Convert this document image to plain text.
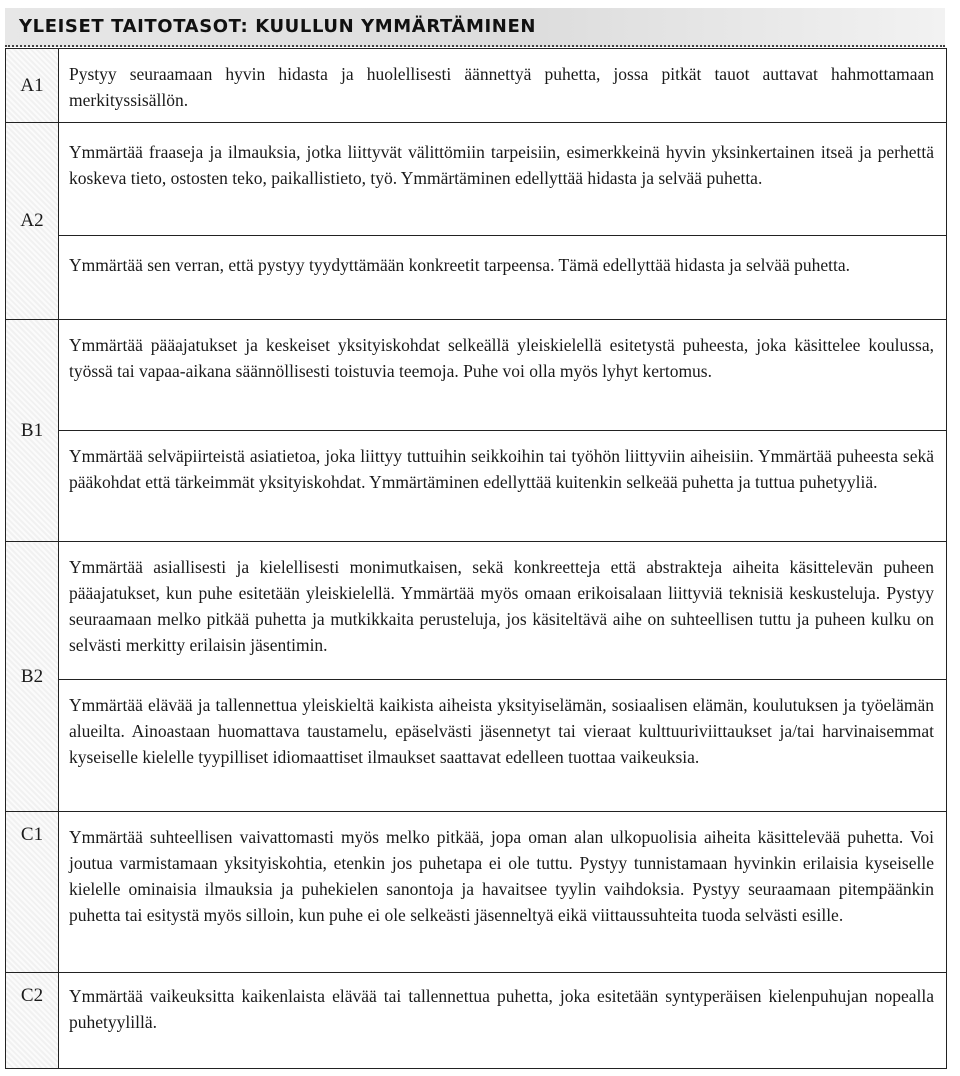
YLEISET TAITOTASOT: KUULLUN YMMÄRTÄMINEN
A1	Pystyy seuraamaan hyvin hidasta ja huolellisesti äännettyä puhetta, jossa pitkät tauot auttavat hahmottamaan merkityssisällön.

A2	Ymmärtää fraaseja ja ilmauksia, jotka liittyvät välittömiin tarpeisiin, esimerkkeinä hyvin yksinkertainen itseä ja perhettä koskeva tieto, ostosten teko, paikallistieto, työ. Ymmärtäminen edellyttää hidasta ja selvää puhetta.

	Ymmärtää sen verran, että pystyy tyydyttämään konkreetit tarpeensa. Tämä edellyttää hidasta ja selvää puhetta.

B1	Ymmärtää pääajatukset ja keskeiset yksityiskohdat selkeällä yleiskielellä esitetystä puheesta, joka käsittelee koulussa, työssä tai vapaa-aikana säännöllisesti toistuvia teemoja. Puhe voi olla myös lyhyt kertomus.

	Ymmärtää selväpiirteistä asiatietoa, joka liittyy tuttuihin seikkoihin tai työhön liittyviin aiheisiin. Ymmärtää puheesta sekä pääkohdat että tärkeimmät yksityiskohdat. Ymmärtäminen edellyttää kuitenkin selkeää puhetta ja tuttua puhetyyliä.

B2	Ymmärtää asiallisesti ja kielellisesti monimutkaisen, sekä konkreetteja että abstrakteja aiheita käsittelevän puheen pääajatukset, kun puhe esitetään yleiskielellä. Ymmärtää myös omaan erikoisalaan liittyviä teknisiä keskusteluja. Pystyy seuraamaan melko pitkää puhetta ja mutkikkaita perusteluja, jos käsiteltävä aihe on suhteellisen tuttu ja puheen kulku on selvästi merkitty erilaisin jäsentimin.

	Ymmärtää elävää ja tallennettua yleiskieltä kaikista aiheista yksityiselämän, sosiaalisen elämän, koulutuksen ja työelämän alueilta. Ainoastaan huomattava taustamelu, epäselvästi jäsennetyt tai vieraat kulttuuriviittaukset ja/tai harvinaisemmat kyseiselle kielelle tyypilliset idiomaattiset ilmaukset saattavat edelleen tuottaa vaikeuksia.

C1	Ymmärtää suhteellisen vaivattomasti myös melko pitkää, jopa oman alan ulkopuolisia aiheita käsittelevää puhetta. Voi joutua varmistamaan yksityiskohtia, etenkin jos puhetapa ei ole tuttu. Pystyy tunnistamaan hyvinkin erilaisia kyseiselle kielelle ominaisia ilmauksia ja puhekielen sanontoja ja havaitsee tyylin vaihdoksia. Pystyy seuraamaan pitempäänkin puhetta tai esitystä myös silloin, kun puhe ei ole selkeästi jäsenneltyä eikä viittaussuhteita tuoda selvästi esille.

C2	Ymmärtää vaikeuksitta kaikenlaista elävää tai tallennettua puhetta, joka esitetään syntyperäisen kielenpuhujan nopealla puhetyylillä.
